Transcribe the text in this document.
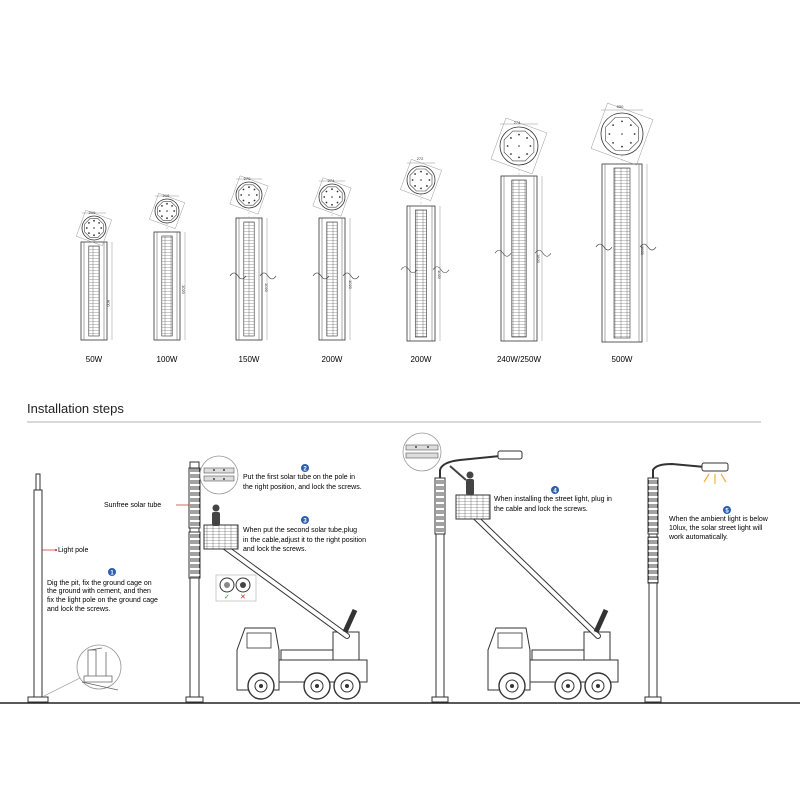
50W	100W	150W	200W	200W	240W/250W	500W
219
219
270	274
272
274
550
800
1020	1020	1020
1020
1820
1820
Installation steps
Light pole
1
Dig the pit, fix the ground cage on
the ground with cement, and then
fix the light pole on the ground cage
and lock the screws.
Sunfree solar tube
2
Put the first solar tube on the pole in
the right position, and lock the screws.
3
When put the second solar tube,plug
in the cable,adjust it to the right position
and lock the screws.
✓ ✕
4
When installing the street light, plug in
the cable and lock the screws.	5
When the ambient light is below
10lux, the solar street light will
work automatically.
